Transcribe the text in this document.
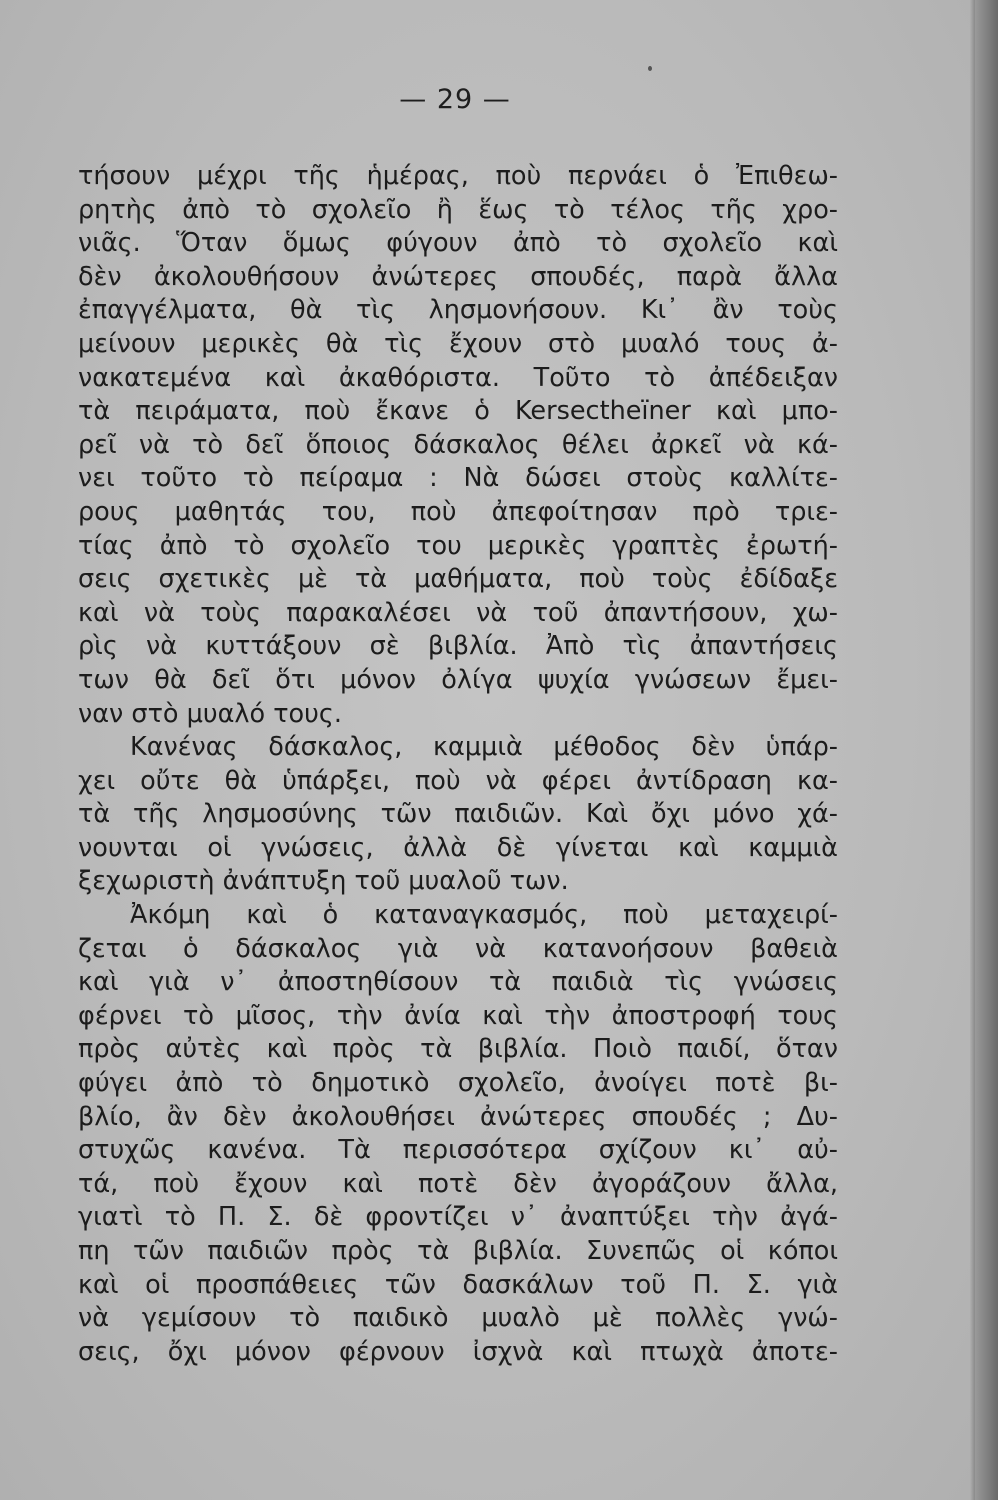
— 29 —
τήσουν μέχρι τῆς ἡμέρας, ποὺ περνάει ὁ Ἐπιθεω-
ρητὴς ἀπὸ τὸ σχολεῖο ἢ ἕως τὸ τέλος τῆς χρο-
νιᾶς. Ὅταν ὅμως φύγουν ἀπὸ τὸ σχολεῖο καὶ
δὲν ἀκολουθήσουν ἀνώτερες σπουδές, παρὰ ἄλλα
ἐπαγγέλματα, θὰ τὶς λησμονήσουν. Κι᾽ ἂν τοὺς
μείνουν μερικὲς θὰ τὶς ἔχουν στὸ μυαλό τους ἀ-
νακατεμένα καὶ ἀκαθόριστα. Τοῦτο τὸ ἀπέδειξαν
τὰ πειράματα, ποὺ ἔκανε ὁ Kersectheïner καὶ μπο-
ρεῖ νὰ τὸ δεῖ ὅποιος δάσκαλος θέλει ἀρκεῖ νὰ κά-
νει τοῦτο τὸ πείραμα : Νὰ δώσει στοὺς καλλίτε-
ρους μαθητάς του, ποὺ ἀπεφοίτησαν πρὸ τριε-
τίας ἀπὸ τὸ σχολεῖο του μερικὲς γραπτὲς ἐρωτή-
σεις σχετικὲς μὲ τὰ μαθήματα, ποὺ τοὺς ἐδίδαξε
καὶ νὰ τοὺς παρακαλέσει νὰ τοῦ ἀπαντήσουν, χω-
ρὶς νὰ κυττάξουν σὲ βιβλία. Ἀπὸ τὶς ἀπαντήσεις
των θὰ δεῖ ὅτι μόνον ὀλίγα ψυχία γνώσεων ἔμει-
ναν στὸ μυαλό τους.
Κανένας δάσκαλος, καμμιὰ μέθοδος δὲν ὑπάρ-
χει οὔτε θὰ ὑπάρξει, ποὺ νὰ φέρει ἀντίδραση κα-
τὰ τῆς λησμοσύνης τῶν παιδιῶν. Καὶ ὄχι μόνο χά-
νουνται οἱ γνώσεις, ἀλλὰ δὲ γίνεται καὶ καμμιὰ
ξεχωριστὴ ἀνάπτυξη τοῦ μυαλοῦ των.
Ἀκόμη καὶ ὁ καταναγκασμός, ποὺ μεταχειρί-
ζεται ὁ δάσκαλος γιὰ νὰ κατανοήσουν βαθειὰ
καὶ γιὰ ν᾽ ἀποστηθίσουν τὰ παιδιὰ τὶς γνώσεις
φέρνει τὸ μῖσος, τὴν ἀνία καὶ τὴν ἀποστροφή τους
πρὸς αὐτὲς καὶ πρὸς τὰ βιβλία. Ποιὸ παιδί, ὅταν
φύγει ἀπὸ τὸ δημοτικὸ σχολεῖο, ἀνοίγει ποτὲ βι-
βλίο, ἂν δὲν ἀκολουθήσει ἀνώτερες σπουδές ; Δυ-
στυχῶς κανένα. Τὰ περισσότερα σχίζουν κι᾽ αὐ-
τά, ποὺ ἔχουν καὶ ποτὲ δὲν ἀγοράζουν ἄλλα,
γιατὶ τὸ Π. Σ. δὲ φροντίζει ν᾽ ἀναπτύξει τὴν ἀγά-
πη τῶν παιδιῶν πρὸς τὰ βιβλία. Συνεπῶς οἱ κόποι
καὶ οἱ προσπάθειες τῶν δασκάλων τοῦ Π. Σ. γιὰ
νὰ γεμίσουν τὸ παιδικὸ μυαλὸ μὲ πολλὲς γνώ-
σεις, ὄχι μόνον φέρνουν ἰσχνὰ καὶ πτωχὰ ἀποτε-
